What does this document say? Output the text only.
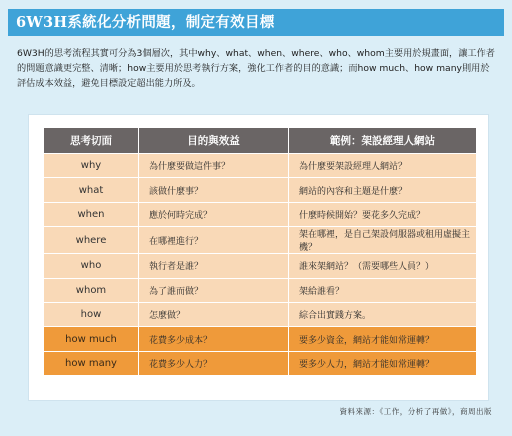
6W3H系統化分析問題，制定有效目標
6W3H的思考流程其實可分為3個層次，其中why、what、when、where、who、whom主要用於規畫面，讓工作者的問題意識更完整、清晰；how主要用於思考執行方案，強化工作者的目的意識；而how much、how many則用於評估成本效益，避免目標設定超出能力所及。
思考切面	目的與效益	範例：架設經理人網站
why	為什麼要做這件事？	為什麼要架設經理人網站？
what	該做什麼事？	網站的內容和主題是什麼？
when	應於何時完成？	什麼時候開始？要花多久完成？
where	在哪裡進行？	架在哪裡，是自己架設伺服器或租用虛擬主機？
who	執行者是誰？	誰來架網站？（需要哪些人員？）
whom	為了誰而做？	架給誰看？
how	怎麼做？	綜合出實踐方案。
how much	花費多少成本？	要多少資金，網站才能如常運轉？
how many	花費多少人力？	要多少人力，網站才能如常運轉？
資料來源：《工作，分析了再做》，商周出版
